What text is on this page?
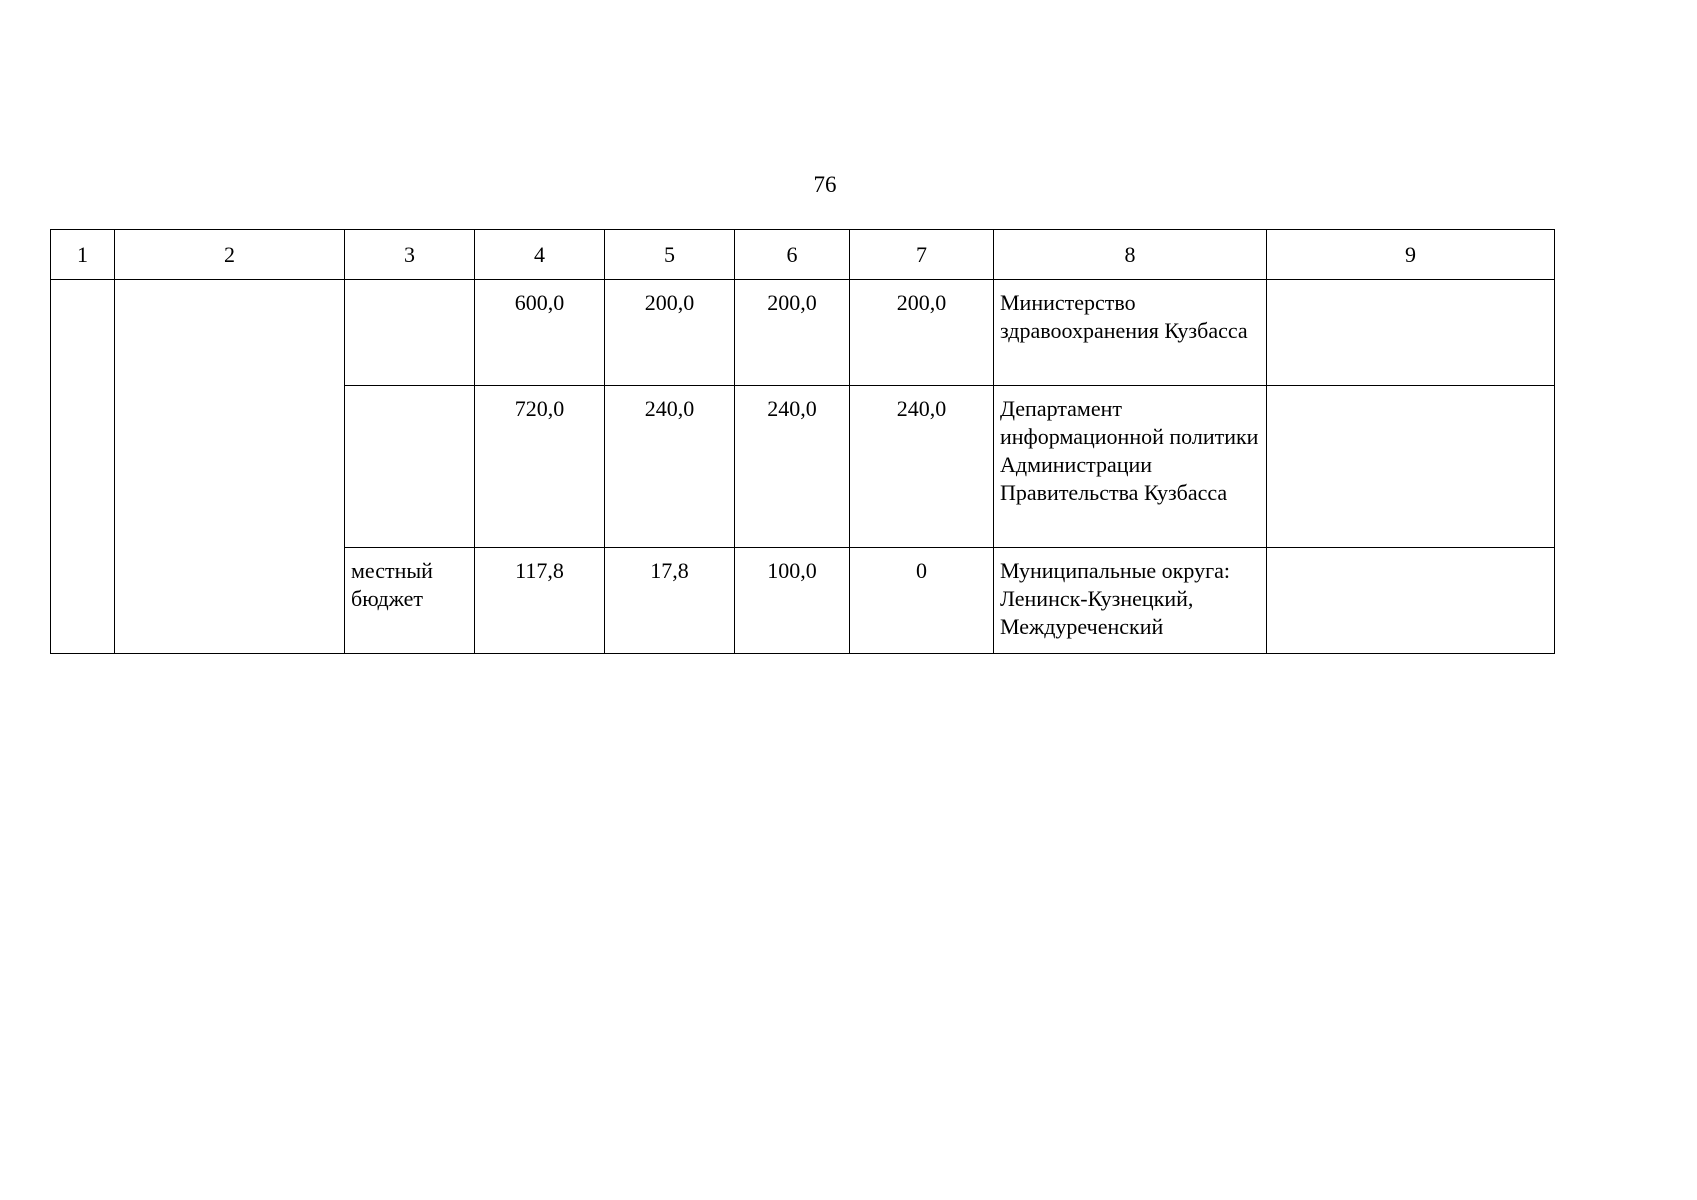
76
1	2	3	4	5	6	7	8	9
			600,0	200,0	200,0	200,0	Министерство здравоохранения Кузбасса	
			720,0	240,0	240,0	240,0	Департамент информационной политики Администрации Правительства Кузбасса	
		местный бюджет	117,8	17,8	100,0	0	Муниципальные округа: Ленинск-Кузнецкий, Междуреченский	
